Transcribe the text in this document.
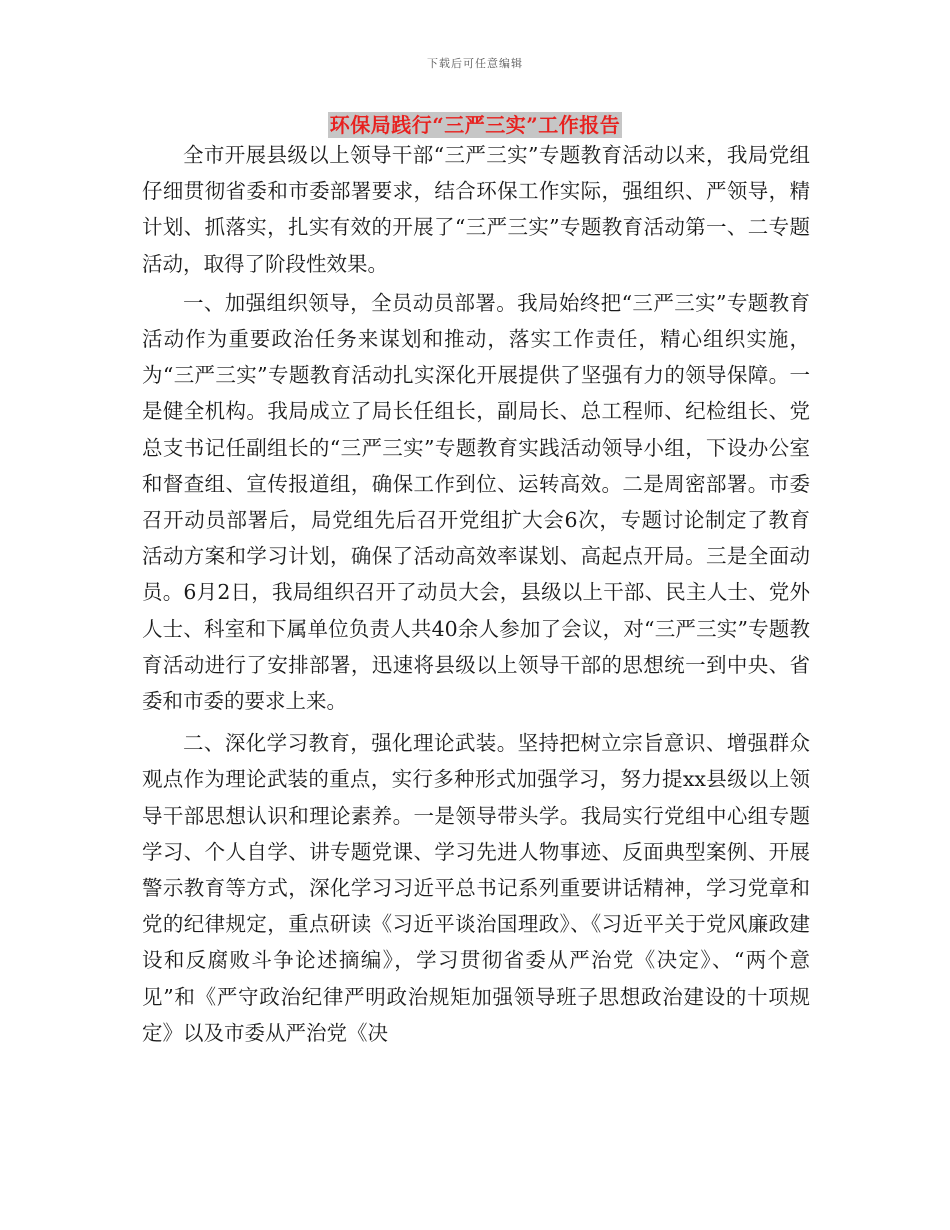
下载后可任意编辑
环保局践行“三严三实”工作报告

全市开展县级以上领导干部“三严三实”专题教育活动以来，我局党组仔细贯彻省委和市委部署要求，结合环保工作实际，强组织、严领导，精计划、抓落实，扎实有效的开展了“三严三实”专题教育活动第一、二专题活动，取得了阶段性效果。

一、加强组织领导，全员动员部署。我局始终把“三严三实”专题教育活动作为重要政治任务来谋划和推动，落实工作责任，精心组织实施，为“三严三实”专题教育活动扎实深化开展提供了坚强有力的领导保障。一是健全机构。我局成立了局长任组长，副局长、总工程师、纪检组长、党总支书记任副组长的“三严三实”专题教育实践活动领导小组，下设办公室和督查组、宣传报道组，确保工作到位、运转高效。二是周密部署。市委召开动员部署后，局党组先后召开党组扩大会6次，专题讨论制定了教育活动方案和学习计划，确保了活动高效率谋划、高起点开局。三是全面动员。6月2日，我局组织召开了动员大会，县级以上干部、民主人士、党外人士、科室和下属单位负责人共40余人参加了会议，对“三严三实”专题教育活动进行了安排部署，迅速将县级以上领导干部的思想统一到中央、省委和市委的要求上来。

二、深化学习教育，强化理论武装。坚持把树立宗旨意识、增强群众观点作为理论武装的重点，实行多种形式加强学习，努力提xx县级以上领导干部思想认识和理论素养。一是领导带头学。我局实行党组中心组专题学习、个人自学、讲专题党课、学习先进人物事迹、反面典型案例、开展警示教育等方式，深化学习习近平总书记系列重要讲话精神，学习党章和党的纪律规定，重点研读《习近平谈治国理政》、《习近平关于党风廉政建设和反腐败斗争论述摘编》，学习贯彻省委从严治党《决定》、“两个意见”和《严守政治纪律严明政治规矩加强领导班子思想政治建设的十项规定》以及市委从严治党《决
